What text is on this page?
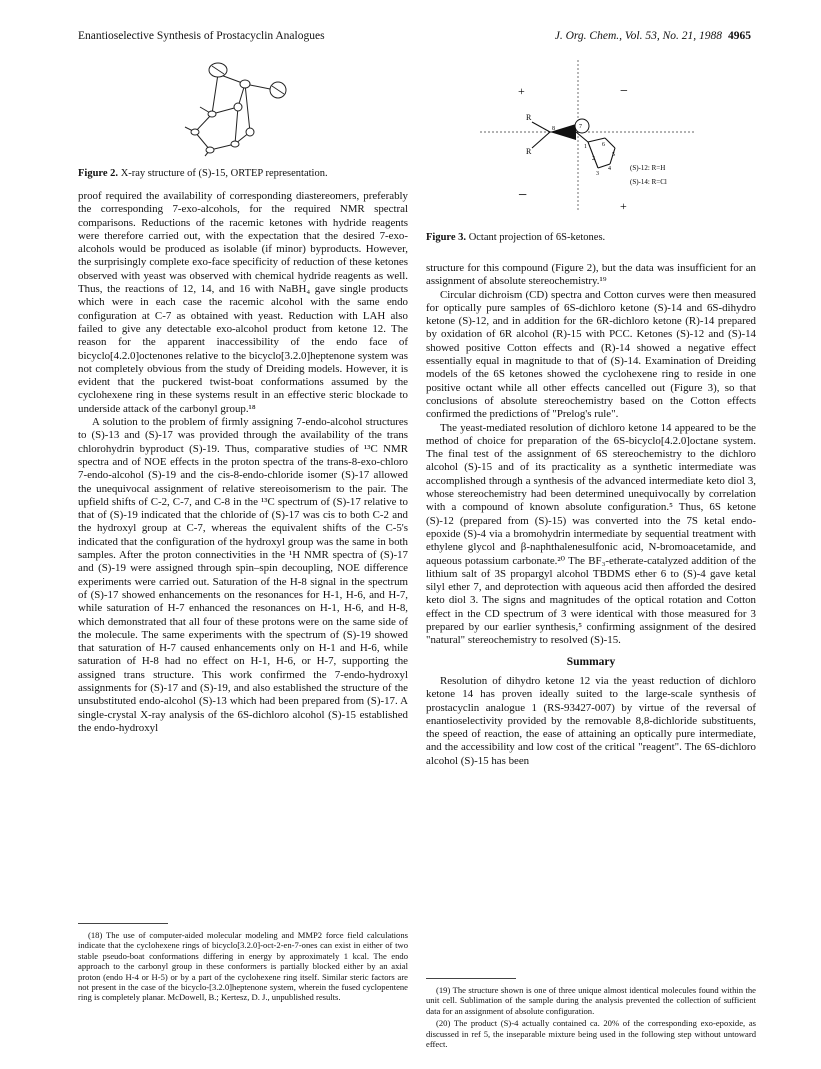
Enantioselective Synthesis of Prostacyclin Analogues	J. Org. Chem., Vol. 53, No. 21, 1988 4965
Figure 2. X-ray structure of (S)-15, ORTEP representation.
+	−
−
+
R
R
8	7
1	6
5
4
3
2
(S)-12: R=H
(S)-14: R=Cl
Figure 3. Octant projection of 6S-ketones.

proof required the availability of corresponding diastereomers, preferably the corresponding 7-exo-alcohols, for the required NMR spectral comparisons. Reductions of the racemic ketones with hydride reagents were therefore carried out, with the expectation that the desired 7-exo-alcohols would be produced as isolable (if minor) byproducts. However, the surprisingly complete exo-face specificity of reduction of these ketones observed with yeast was observed with chemical hydride reagents as well. Thus, the reactions of 12, 14, and 16 with NaBH₄ gave single products which were in each case the racemic alcohol with the same endo configuration at C-7 as obtained with yeast. Reduction with LAH also failed to give any detectable exo-alcohol product from ketone 12. The reason for the apparent inaccessibility of the endo face of bicyclo[4.2.0]octenones relative to the bicyclo[3.2.0]heptenone system was not completely obvious from the study of Dreiding models. However, it is evident that the puckered twist-boat conformations assumed by the cyclohexene ring in these systems result in an effective steric blockade to underside attack of the carbonyl group.¹⁸

A solution to the problem of firmly assigning 7-endo-alcohol structures to (S)-13 and (S)-17 was provided through the availability of the trans chlorohydrin byproduct (S)-19. Thus, comparative studies of ¹³C NMR spectra and of NOE effects in the proton spectra of the trans-8-exo-chloro 7-endo-alcohol (S)-19 and the cis-8-endo-chloride isomer (S)-17 allowed the unequivocal assignment of relative stereoisomerism to the pair. The upfield shifts of C-2, C-7, and C-8 in the ¹³C spectrum of (S)-17 relative to that of (S)-19 indicated that the chloride of (S)-17 was cis to both C-2 and the hydroxyl group at C-7, whereas the equivalent shifts of the C-5's indicated that the configuration of the hydroxyl group was the same in both samples. After the proton connectivities in the ¹H NMR spectra of (S)-17 and (S)-19 were assigned through spin–spin decoupling, NOE difference experiments were carried out. Saturation of the H-8 signal in the spectrum of (S)-17 showed enhancements on the resonances for H-1, H-6, and H-7, while saturation of H-7 enhanced the resonances on H-1, H-6, and H-8, which demonstrated that all four of these protons were on the same side of the molecule. The same experiments with the spectrum of (S)-19 showed that saturation of H-7 caused enhancements only on H-1 and H-6, while saturation of H-8 had no effect on H-1, H-6, or H-7, supporting the assigned trans structure. This work confirmed the 7-endo-hydroxyl assignments for (S)-17 and (S)-19, and also established the structure of the unsubstituted endo-alcohol (S)-13 which had been prepared from (S)-17. A single-crystal X-ray analysis of the 6S-dichloro alcohol (S)-15 established the endo-hydroxyl

structure for this compound (Figure 2), but the data was insufficient for an assignment of absolute stereochemistry.¹⁹

Circular dichroism (CD) spectra and Cotton curves were then measured for optically pure samples of 6S-dichloro ketone (S)-14 and 6S-dihydro ketone (S)-12, and in addition for the 6R-dichloro ketone (R)-14 prepared by oxidation of 6R alcohol (R)-15 with PCC. Ketones (S)-12 and (S)-14 showed positive Cotton effects and (R)-14 showed a negative effect essentially equal in magnitude to that of (S)-14. Examination of Dreiding models of the 6S ketones showed the cyclohexene ring to reside in one positive octant while all other effects cancelled out (Figure 3), so that conclusions of absolute stereochemistry based on the Cotton effects confirmed the predictions of "Prelog's rule".

The yeast-mediated resolution of dichloro ketone 14 appeared to be the method of choice for preparation of the 6S-bicyclo[4.2.0]octane system. The final test of the assignment of 6S stereochemistry to the dichloro alcohol (S)-15 and of its practicality as a synthetic intermediate was accomplished through a synthesis of the advanced intermediate keto diol 3, whose stereochemistry had been determined unequivocally by correlation with a compound of known absolute configuration.⁵ Thus, 6S ketone (S)-12 (prepared from (S)-15) was converted into the 7S ketal endo-epoxide (S)-4 via a bromohydrin intermediate by sequential treatment with ethylene glycol and β-naphthalenesulfonic acid, N-bromoacetamide, and aqueous potassium carbonate.²⁰ The BF₃-etherate-catalyzed addition of the lithium salt of 3S propargyl alcohol TBDMS ether 6 to (S)-4 gave ketal silyl ether 7, and deprotection with aqueous acid then afforded the desired keto diol 3. The signs and magnitudes of the optical rotation and Cotton effect in the CD spectrum of 3 were identical with those measured for 3 prepared by our earlier synthesis,⁵ confirming assignment of the desired "natural" stereochemistry to resolved (S)-15.

Summary

Resolution of dihydro ketone 12 via the yeast reduction of dichloro ketone 14 has proven ideally suited to the large-scale synthesis of prostacyclin analogue 1 (RS-93427-007) by virtue of the reversal of enantioselectivity provided by the removable 8,8-dichloride substituents, the speed of reaction, the ease of attaining an optically pure intermediate, and the accessibility and low cost of the critical "reagent". The 6S-dichloro alcohol (S)-15 has been

(18) The use of computer-aided molecular modeling and MMP2 force field calculations indicate that the cyclohexene rings of bicyclo[3.2.0]-oct-2-en-7-ones can exist in either of two stable pseudo-boat conformations differing in energy by approximately 1 kcal. The endo approach to the carbonyl group in these conformers is partially blocked either by an axial proton (endo H-4 or H-5) or by a part of the cyclohexene ring itself. Similar steric factors are not present in the case of the bicyclo-[3.2.0]heptenone system, wherein the fused cyclopentene ring is completely planar. McDowell, B.; Kertesz, D. J., unpublished results.
(19) The structure shown is one of three unique almost identical molecules found within the unit cell. Sublimation of the sample during the analysis prevented the collection of sufficient data for an assignment of absolute configuration.
(20) The product (S)-4 actually contained ca. 20% of the corresponding exo-epoxide, as discussed in ref 5, the inseparable mixture being used in the following step without untoward effect.
